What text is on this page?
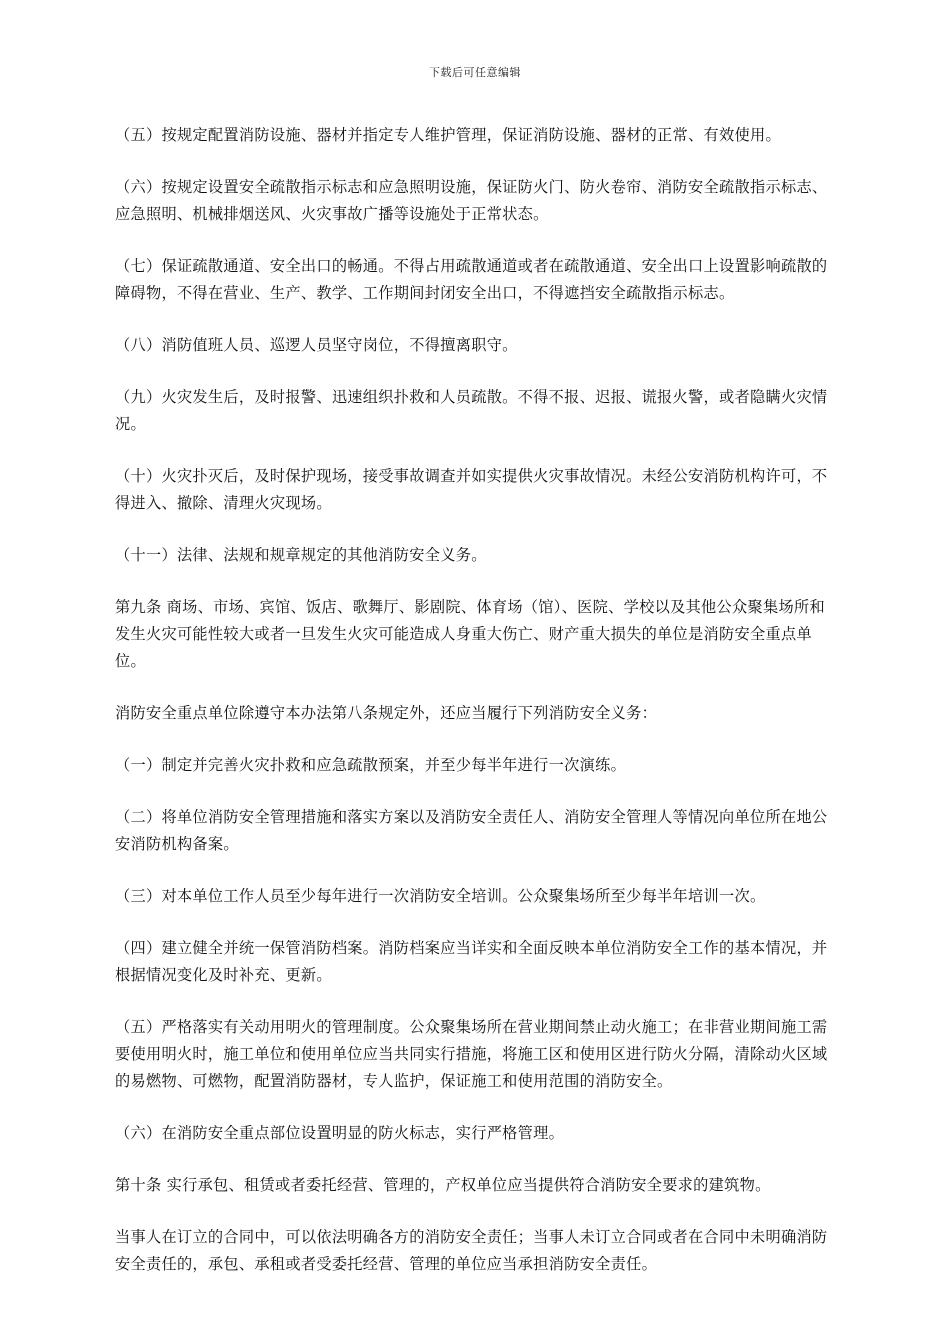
下载后可任意编辑

（五）按规定配置消防设施、器材并指定专人维护管理，保证消防设施、器材的正常、有效使用。

（六）按规定设置安全疏散指示标志和应急照明设施，保证防火门、防火卷帘、消防安全疏散指示标志、应急照明、机械排烟送风、火灾事故广播等设施处于正常状态。

（七）保证疏散通道、安全出口的畅通。不得占用疏散通道或者在疏散通道、安全出口上设置影响疏散的障碍物，不得在营业、生产、教学、工作期间封闭安全出口，不得遮挡安全疏散指示标志。

（八）消防值班人员、巡逻人员坚守岗位，不得擅离职守。

（九）火灾发生后，及时报警、迅速组织扑救和人员疏散。不得不报、迟报、谎报火警，或者隐瞒火灾情况。

（十）火灾扑灭后，及时保护现场，接受事故调查并如实提供火灾事故情况。未经公安消防机构许可，不得进入、撤除、清理火灾现场。

（十一）法律、法规和规章规定的其他消防安全义务。

第九条 商场、市场、宾馆、饭店、歌舞厅、影剧院、体育场（馆）、医院、学校以及其他公众聚集场所和发生火灾可能性较大或者一旦发生火灾可能造成人身重大伤亡、财产重大损失的单位是消防安全重点单位。

消防安全重点单位除遵守本办法第八条规定外，还应当履行下列消防安全义务：

（一）制定并完善火灾扑救和应急疏散预案，并至少每半年进行一次演练。

（二）将单位消防安全管理措施和落实方案以及消防安全责任人、消防安全管理人等情况向单位所在地公安消防机构备案。

（三）对本单位工作人员至少每年进行一次消防安全培训。公众聚集场所至少每半年培训一次。

（四）建立健全并统一保管消防档案。消防档案应当详实和全面反映本单位消防安全工作的基本情况，并根据情况变化及时补充、更新。

（五）严格落实有关动用明火的管理制度。公众聚集场所在营业期间禁止动火施工；在非营业期间施工需要使用明火时，施工单位和使用单位应当共同实行措施，将施工区和使用区进行防火分隔，清除动火区域的易燃物、可燃物，配置消防器材，专人监护，保证施工和使用范围的消防安全。

（六）在消防安全重点部位设置明显的防火标志，实行严格管理。

第十条 实行承包、租赁或者委托经营、管理的，产权单位应当提供符合消防安全要求的建筑物。

当事人在订立的合同中，可以依法明确各方的消防安全责任；当事人未订立合同或者在合同中未明确消防安全责任的，承包、承租或者受委托经营、管理的单位应当承担消防安全责任。
